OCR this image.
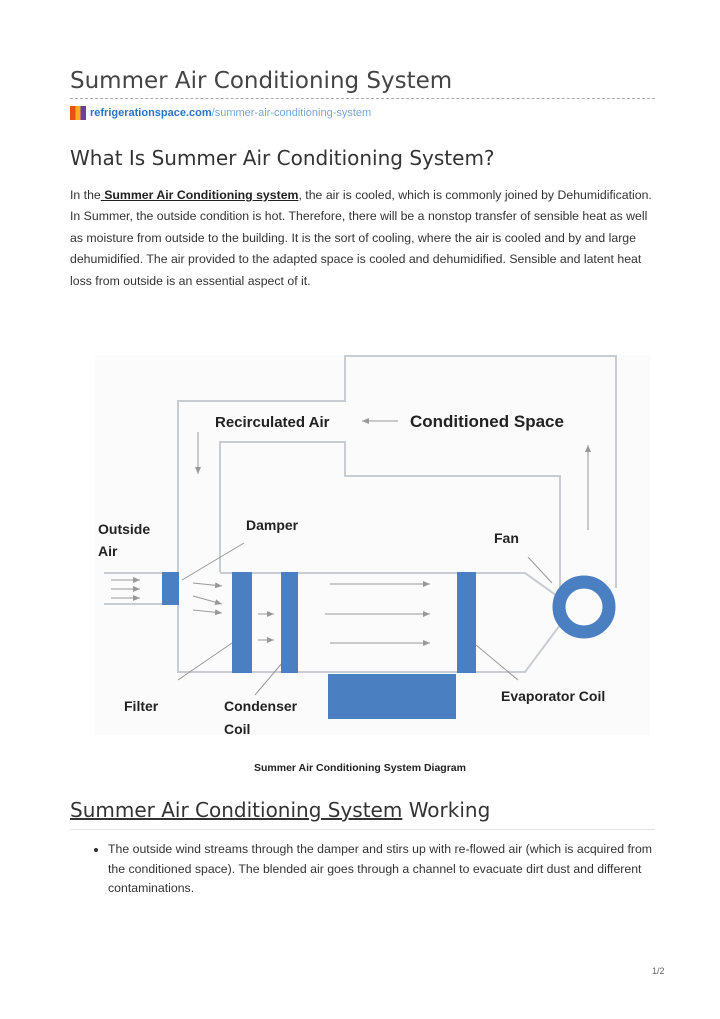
Summer Air Conditioning System
refrigerationspace.com /summer-air-conditioning-system
What Is Summer Air Conditioning System?

In the Summer Air Conditioning system, the air is cooled, which is commonly joined by Dehumidification. In Summer, the outside condition is hot. Therefore, there will be a nonstop transfer of sensible heat as well as moisture from outside to the building. It is the sort of cooling, where the air is cooled and by and large dehumidified. The air provided to the adapted space is cooled and dehumidified. Sensible and latent heat loss from outside is an essential aspect of it.

Recirculated Air	Conditioned Space
Outside
Air
Damper
Fan
Filter	Condenser
Coil
Evaporator Coil
Summer Air Conditioning System Diagram
Summer Air Conditioning System Working
• The outside wind streams through the damper and stirs up with re-flowed air (which is acquired from the conditioned space). The blended air goes through a channel to evacuate dirt dust and different contaminations.
1/2
